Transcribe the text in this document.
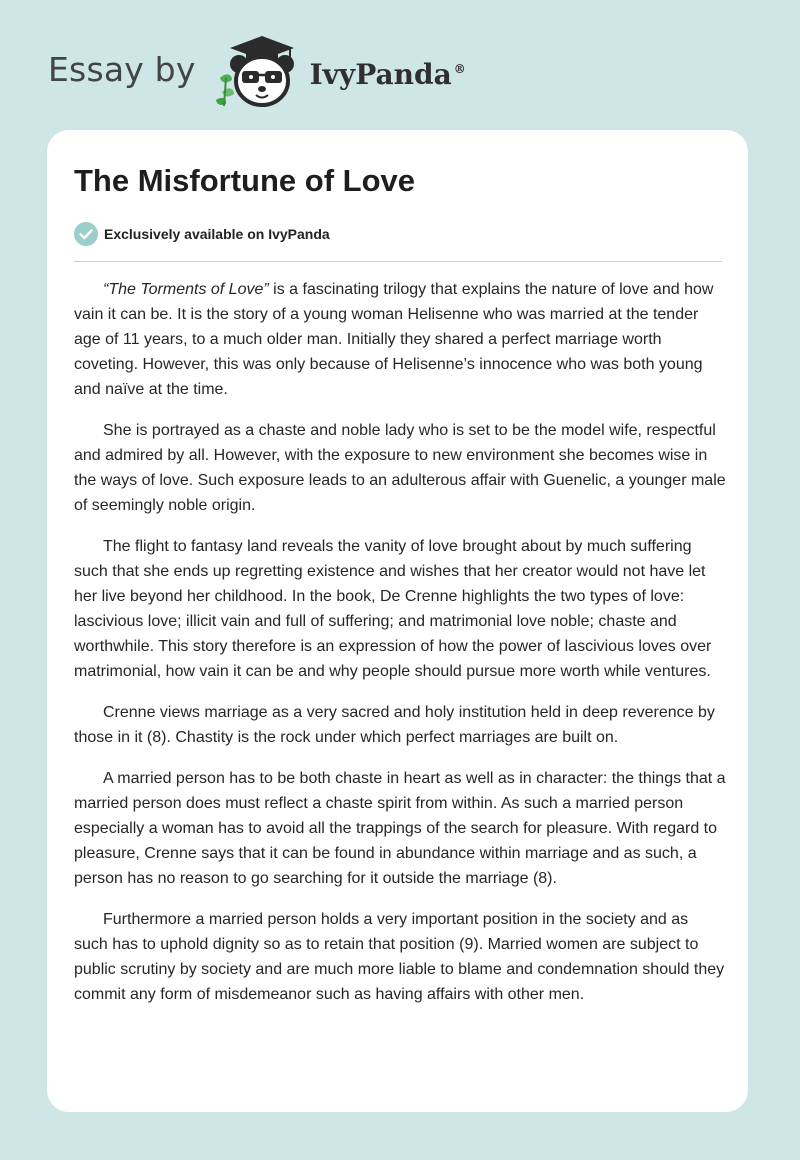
Essay by	IvyPanda ®
The Misfortune of Love
Exclusively available on IvyPanda

“The Torments of Love” is a fascinating trilogy that explains the nature of love and how vain it can be. It is the story of a young woman Helisenne who was married at the tender age of 11 years, to a much older man. Initially they shared a perfect marriage worth coveting. However, this was only because of Helisenne’s innocence who was both young and naïve at the time.

She is portrayed as a chaste and noble lady who is set to be the model wife, respectful and admired by all. However, with the exposure to new environment she becomes wise in the ways of love. Such exposure leads to an adulterous affair with Guenelic, a younger male of seemingly noble origin.

The flight to fantasy land reveals the vanity of love brought about by much suffering such that she ends up regretting existence and wishes that her creator would not have let her live beyond her childhood. In the book, De Crenne highlights the two types of love: lascivious love; illicit vain and full of suffering; and matrimonial love noble; chaste and worthwhile. This story therefore is an expression of how the power of lascivious loves over matrimonial, how vain it can be and why people should pursue more worth while ventures.

Crenne views marriage as a very sacred and holy institution held in deep reverence by those in it (8). Chastity is the rock under which perfect marriages are built on.

A married person has to be both chaste in heart as well as in character: the things that a married person does must reflect a chaste spirit from within. As such a married person especially a woman has to avoid all the trappings of the search for pleasure. With regard to pleasure, Crenne says that it can be found in abundance within marriage and as such, a person has no reason to go searching for it outside the marriage (8).

Furthermore a married person holds a very important position in the society and as such has to uphold dignity so as to retain that position (9). Married women are subject to public scrutiny by society and are much more liable to blame and condemnation should they commit any form of misdemeanor such as having affairs with other men.
